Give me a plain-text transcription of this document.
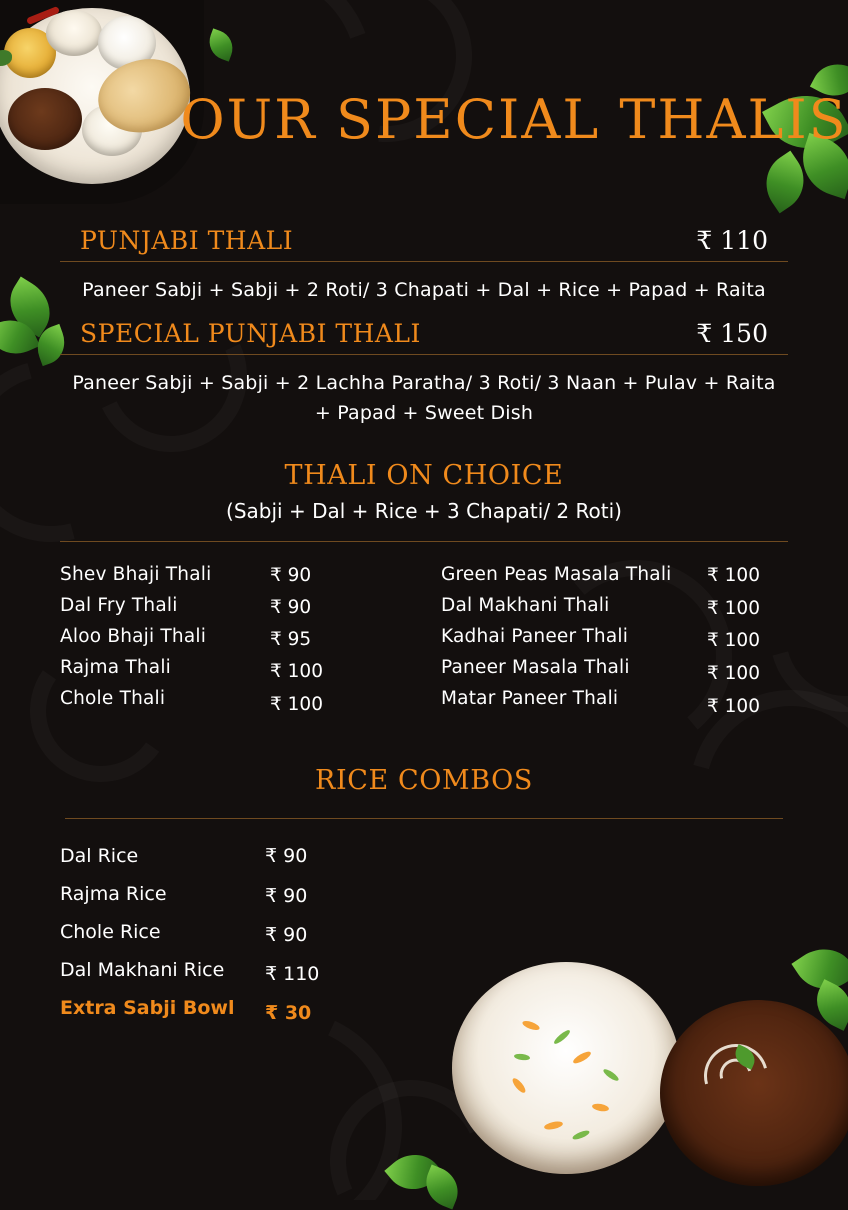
OUR SPECIAL THALIS
PUNJABI THALI	₹ 110
Paneer Sabji + Sabji + 2 Roti/ 3 Chapati + Dal + Rice + Papad + Raita
SPECIAL PUNJABI THALI	₹ 150
Paneer Sabji + Sabji + 2 Lachha Paratha/ 3 Roti/ 3 Naan + Pulav + Raita + Papad + Sweet Dish
THALI ON CHOICE
(Sabji + Dal + Rice + 3 Chapati/ 2 Roti)
Shev Bhaji Thali	₹ 90
Dal Fry Thali	₹ 90
Aloo Bhaji Thali	₹ 95
Rajma Thali	₹ 100
Chole Thali	₹ 100
Green Peas Masala Thali	₹ 100
Dal Makhani Thali	₹ 100
Kadhai Paneer Thali	₹ 100
Paneer Masala Thali	₹ 100
Matar Paneer Thali	₹ 100
RICE COMBOS
Dal Rice	₹ 90
Rajma Rice	₹ 90
Chole Rice	₹ 90
Dal Makhani Rice	₹ 110
Extra Sabji Bowl	₹ 30
